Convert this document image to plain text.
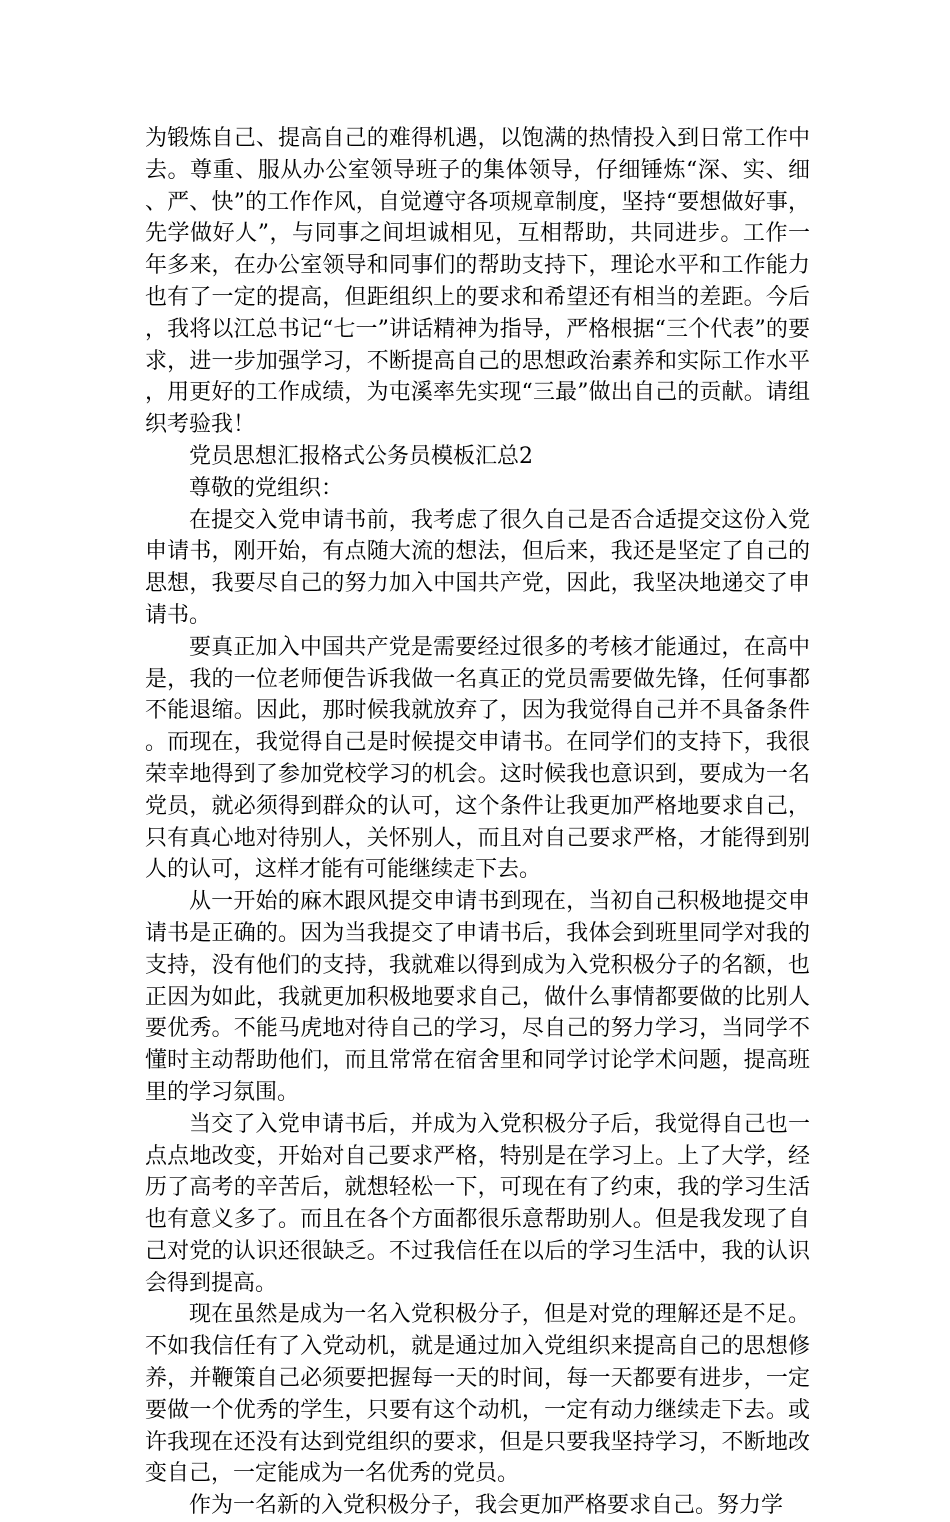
为锻炼自己、提高自己的难得机遇，以饱满的热情投入到日常工作中去。尊重、服从办公室领导班子的集体领导，仔细锤炼“深、实、细、严、快”的工作作风，自觉遵守各项规章制度，坚持“要想做好事，先学做好人”，与同事之间坦诚相见，互相帮助，共同进步。工作一年多来，在办公室领导和同事们的帮助支持下，理论水平和工作能力也有了一定的提高，但距组织上的要求和希望还有相当的差距。今后，我将以江总书记“七一”讲话精神为指导，严格根据“三个代表”的要求，进一步加强学习，不断提高自己的思想政治素养和实际工作水平，用更好的工作成绩，为屯溪率先实现“三最”做出自己的贡献。请组织考验我！

党员思想汇报格式公务员模板汇总2

尊敬的党组织：

在提交入党申请书前，我考虑了很久自己是否合适提交这份入党申请书，刚开始，有点随大流的想法，但后来，我还是坚定了自己的思想，我要尽自己的努力加入中国共产党，因此，我坚决地递交了申请书。

要真正加入中国共产党是需要经过很多的考核才能通过，在高中是，我的一位老师便告诉我做一名真正的党员需要做先锋，任何事都不能退缩。因此，那时候我就放弃了，因为我觉得自己并不具备条件。而现在，我觉得自己是时候提交申请书。在同学们的支持下，我很荣幸地得到了参加党校学习的机会。这时候我也意识到，要成为一名党员，就必须得到群众的认可，这个条件让我更加严格地要求自己，只有真心地对待别人，关怀别人，而且对自己要求严格，才能得到别人的认可，这样才能有可能继续走下去。

从一开始的麻木跟风提交申请书到现在，当初自己积极地提交申请书是正确的。因为当我提交了申请书后，我体会到班里同学对我的支持，没有他们的支持，我就难以得到成为入党积极分子的名额，也正因为如此，我就更加积极地要求自己，做什么事情都要做的比别人要优秀。不能马虎地对待自己的学习，尽自己的努力学习，当同学不懂时主动帮助他们，而且常常在宿舍里和同学讨论学术问题，提高班里的学习氛围。

当交了入党申请书后，并成为入党积极分子后，我觉得自己也一点点地改变，开始对自己要求严格，特别是在学习上。上了大学，经历了高考的辛苦后，就想轻松一下，可现在有了约束，我的学习生活也有意义多了。而且在各个方面都很乐意帮助别人。但是我发现了自己对党的认识还很缺乏。不过我信任在以后的学习生活中，我的认识会得到提高。

现在虽然是成为一名入党积极分子，但是对党的理解还是不足。不如我信任有了入党动机，就是通过加入党组织来提高自己的思想修养，并鞭策自己必须要把握每一天的时间，每一天都要有进步，一定要做一个优秀的学生，只要有这个动机，一定有动力继续走下去。或许我现在还没有达到党组织的要求，但是只要我坚持学习，不断地改变自己，一定能成为一名优秀的党员。

作为一名新的入党积极分子，我会更加严格要求自己。努力学
